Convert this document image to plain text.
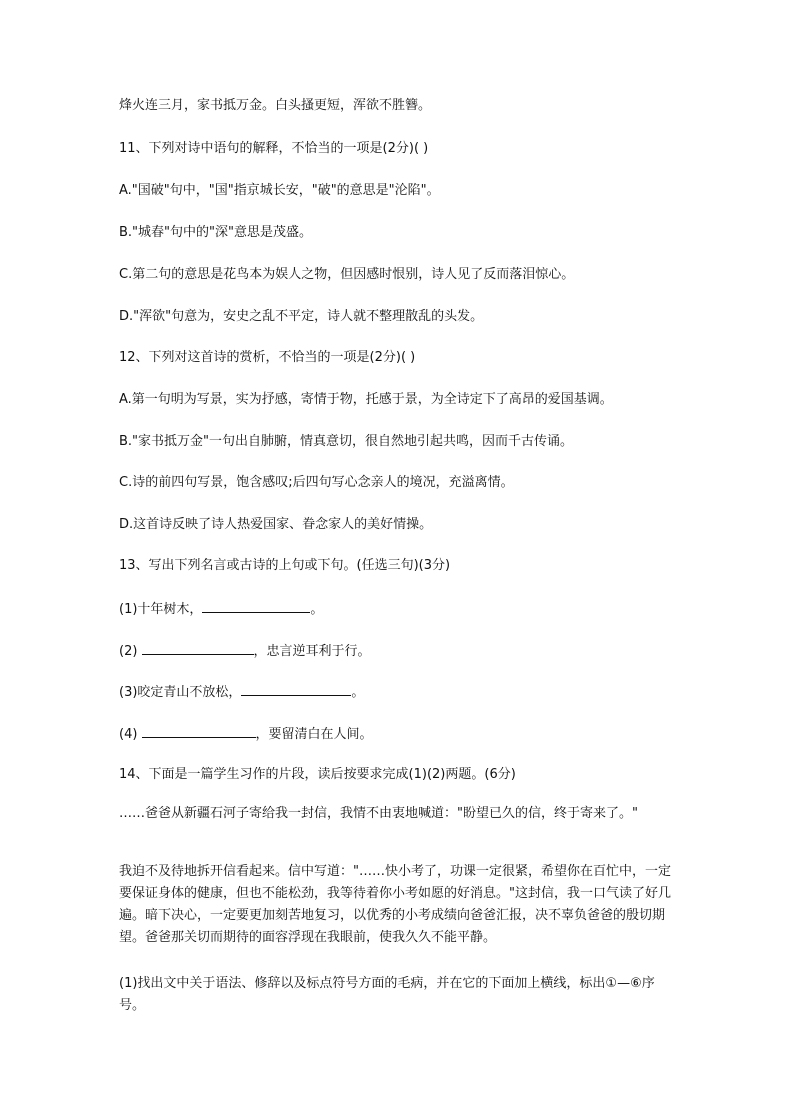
烽火连三月，家书抵万金。白头搔更短，浑欲不胜簪。
11、下列对诗中语句的解释，不恰当的一项是(2分)( )
A."国破"句中，"国"指京城长安，"破"的意思是"沦陷"。
B."城春"句中的"深"意思是茂盛。
C.第二句的意思是花鸟本为娱人之物，但因感时恨别，诗人见了反而落泪惊心。
D."浑欲"句意为，安史之乱不平定，诗人就不整理散乱的头发。
12、下列对这首诗的赏析，不恰当的一项是(2分)( )
A.第一句明为写景，实为抒感，寄情于物，托感于景，为全诗定下了高昂的爱国基调。
B."家书抵万金"一句出自肺腑，情真意切，很自然地引起共鸣，因而千古传诵。
C.诗的前四句写景，饱含感叹;后四句写心念亲人的境况，充溢离情。
D.这首诗反映了诗人热爱国家、眷念家人的美好情操。
13、写出下列名言或古诗的上句或下句。(任选三句)(3分)
(1)十年树木，	。
(2)	，忠言逆耳利于行。
(3)咬定青山不放松，	。
(4)	，要留清白在人间。
14、下面是一篇学生习作的片段，读后按要求完成(1)(2)两题。(6分)
……爸爸从新疆石河子寄给我一封信，我情不由衷地喊道："盼望已久的信，终于寄来了。"
我迫不及待地拆开信看起来。信中写道："……快小考了，功课一定很紧，希望你在百忙中，一定要保证身体的健康，但也不能松劲，我等待着你小考如愿的好消息。"这封信，我一口气读了好几遍。暗下决心，一定要更加刻苦地复习，以优秀的小考成绩向爸爸汇报，决不辜负爸爸的殷切期望。爸爸那关切而期待的面容浮现在我眼前，使我久久不能平静。
(1)找出文中关于语法、修辞以及标点符号方面的毛病，并在它的下面加上横线，标出①—⑥序号。
